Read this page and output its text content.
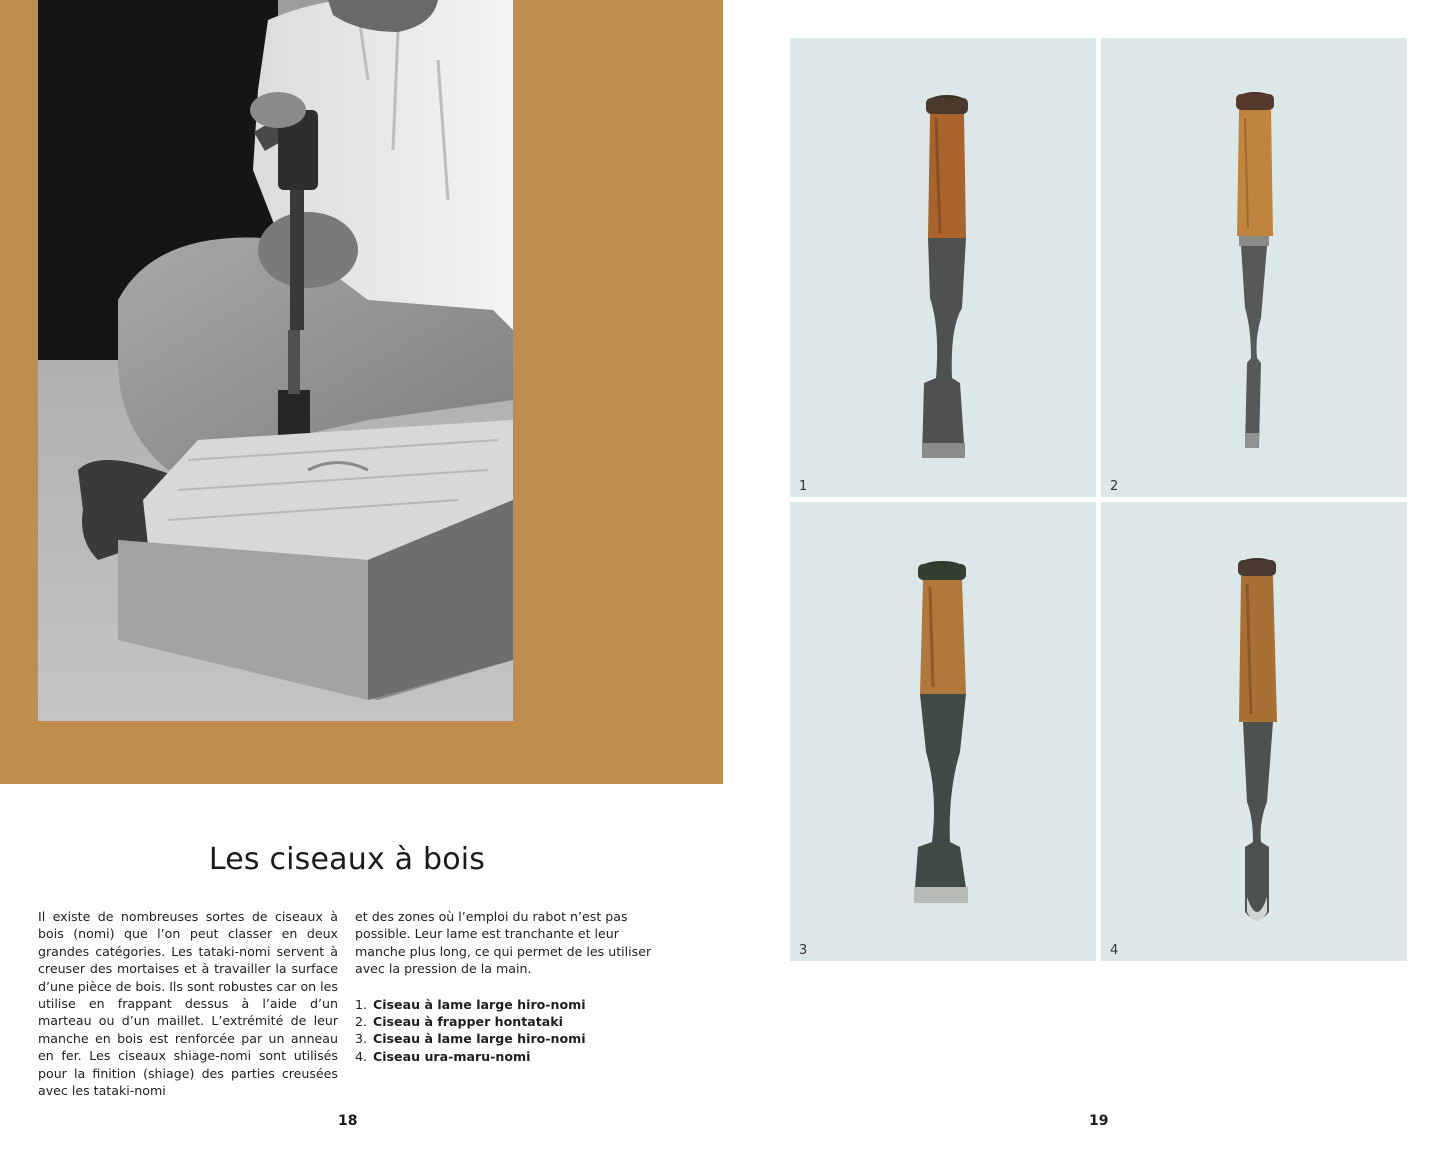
Les ciseaux à bois

Il existe de nombreuses sortes de ciseaux à bois (nomi) que l’on peut classer en deux grandes catégories. Les tataki-nomi servent à creuser des mortaises et à travailler la surface d’une pièce de bois. Ils sont robustes car on les utilise en frappant dessus à l’aide d’un marteau ou d’un maillet. L’extrémité de leur manche en bois est renforcée par un anneau en fer. Les ciseaux shiage-nomi sont utilisés pour la finition (shiage) des parties creusées avec les tataki-nomi

et des zones où l’emploi du rabot n’est pas possible. Leur lame est tranchante et leur manche plus long, ce qui permet de les utiliser avec la pression de la main.

1. Ciseau à lame large hiro-nomi
2. Ciseau à frapper hontataki
3. Ciseau à lame large hiro-nomi
4. Ciseau ura-maru-nomi
18
1	2
3	4
19
